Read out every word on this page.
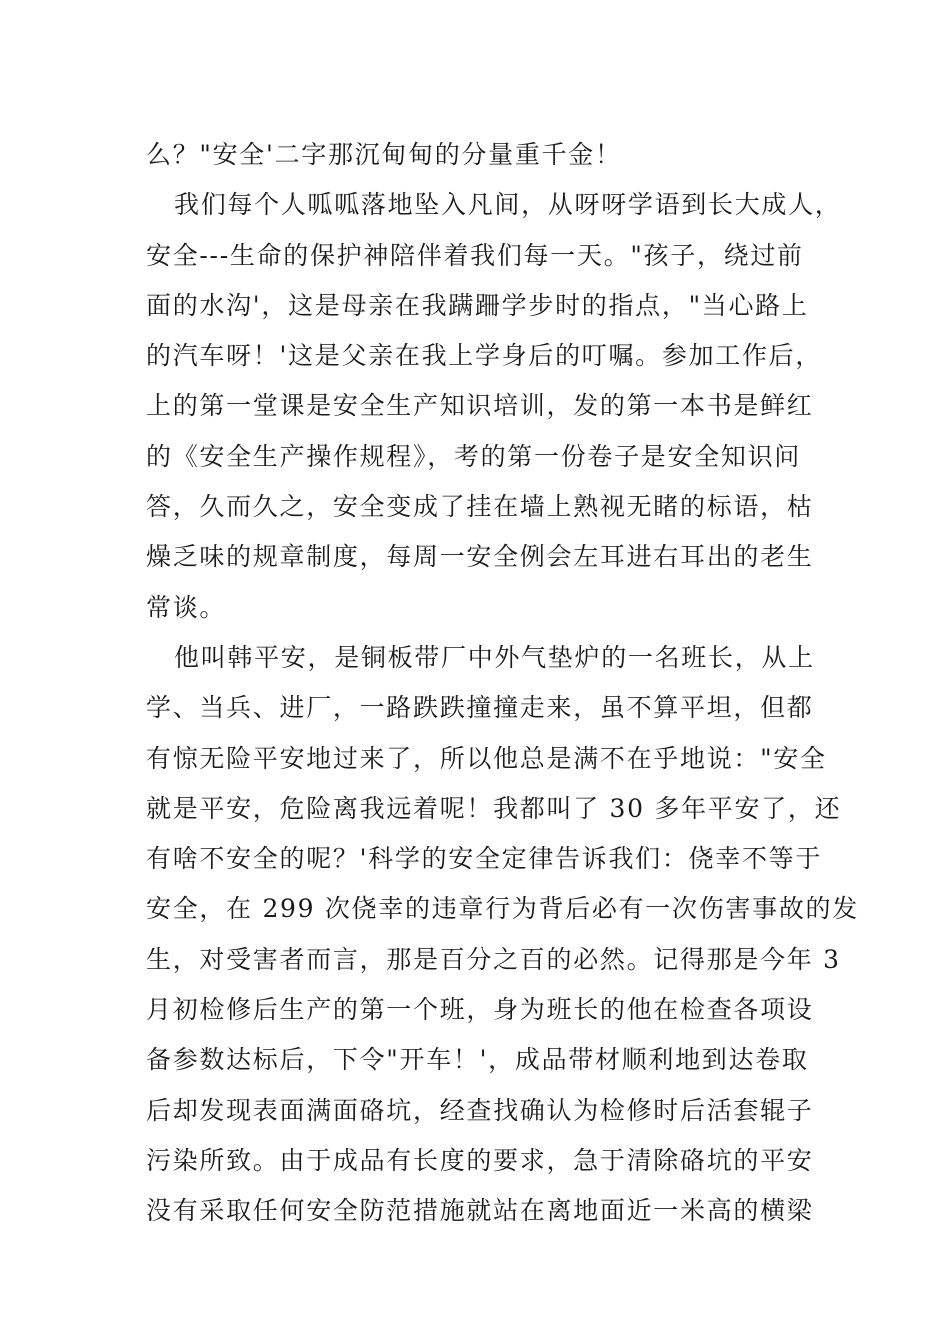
么？"安全'二字那沉甸甸的分量重千金！
我们每个人呱呱落地坠入凡间，从呀呀学语到长大成人，
安全---生命的保护神陪伴着我们每一天。"孩子，绕过前
面的水沟'，这是母亲在我蹒跚学步时的指点，"当心路上
的汽车呀！'这是父亲在我上学身后的叮嘱。参加工作后，
上的第一堂课是安全生产知识培训，发的第一本书是鲜红
的《安全生产操作规程》，考的第一份卷子是安全知识问
答，久而久之，安全变成了挂在墙上熟视无睹的标语，枯
燥乏味的规章制度，每周一安全例会左耳进右耳出的老生
常谈。
他叫韩平安，是铜板带厂中外气垫炉的一名班长，从上
学、当兵、进厂，一路跌跌撞撞走来，虽不算平坦，但都
有惊无险平安地过来了，所以他总是满不在乎地说："安全
就是平安，危险离我远着呢！我都叫了 30 多年平安了，还
有啥不安全的呢？'科学的安全定律告诉我们：侥幸不等于
安全，在 299 次侥幸的违章行为背后必有一次伤害事故的发
生，对受害者而言，那是百分之百的必然。记得那是今年 3
月初检修后生产的第一个班，身为班长的他在检查各项设
备参数达标后，下令"开车！'，成品带材顺利地到达卷取
后却发现表面满面硌坑，经查找确认为检修时后活套辊子
污染所致。由于成品有长度的要求，急于清除硌坑的平安
没有采取任何安全防范措施就站在离地面近一米高的横梁
